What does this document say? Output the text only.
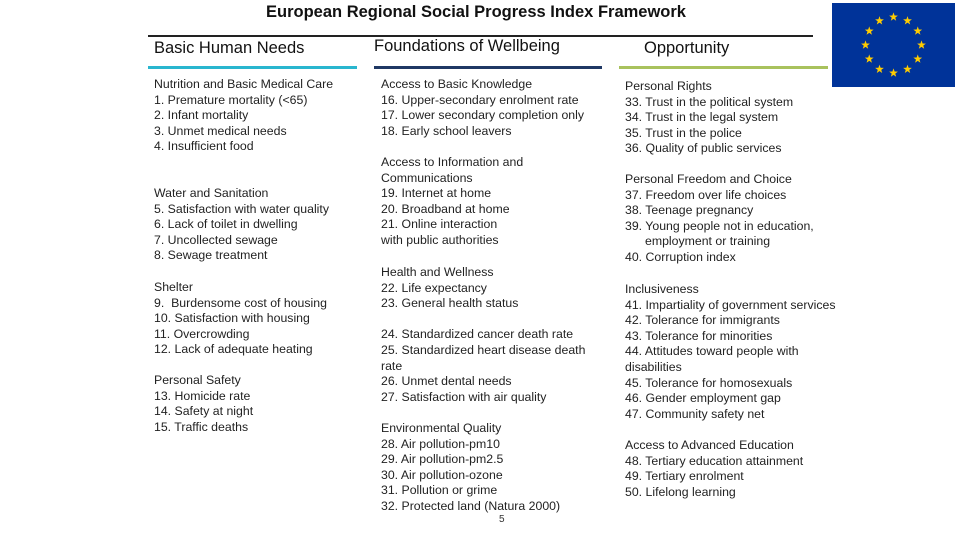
European Regional Social Progress Index Framework
Basic Human Needs
Nutrition and Basic Medical Care
1. Premature mortality (<65)
2. Infant mortality
3. Unmet medical needs
4. Insufficient food
Water and Sanitation
5. Satisfaction with water quality
6. Lack of toilet in dwelling
7. Uncollected sewage
8. Sewage treatment
Shelter
9.  Burdensome cost of housing
10. Satisfaction with housing
11. Overcrowding
12. Lack of adequate heating
Personal Safety
13. Homicide rate
14. Safety at night
15. Traffic deaths
Foundations of Wellbeing
Access to Basic Knowledge
16. Upper-secondary enrolment rate
17. Lower secondary completion only
18. Early school leavers
Access to Information and Communications
19. Internet at home
20. Broadband at home
21. Online interaction with public authorities
Health and Wellness
22. Life expectancy
23. General health status
24. Standardized cancer death rate
25. Standardized heart disease death rate
26. Unmet dental needs
27. Satisfaction with air quality
Environmental Quality
28. Air pollution-pm10
29. Air pollution-pm2.5
30. Air pollution-ozone
31. Pollution or grime
32. Protected land (Natura 2000)
Opportunity
Personal Rights
33. Trust in the political system
34. Trust in the legal system
35. Trust in the police
36. Quality of public services
Personal Freedom and Choice
37. Freedom over life choices
38. Teenage pregnancy
39. Young people not in education,
employment or training
40. Corruption index
Inclusiveness
41. Impartiality of government services
42. Tolerance for immigrants
43. Tolerance for minorities
44. Attitudes toward people with disabilities
45. Tolerance for homosexuals
46. Gender employment gap
47. Community safety net
Access to Advanced Education
48. Tertiary education attainment
49. Tertiary enrolment
50. Lifelong learning
5
